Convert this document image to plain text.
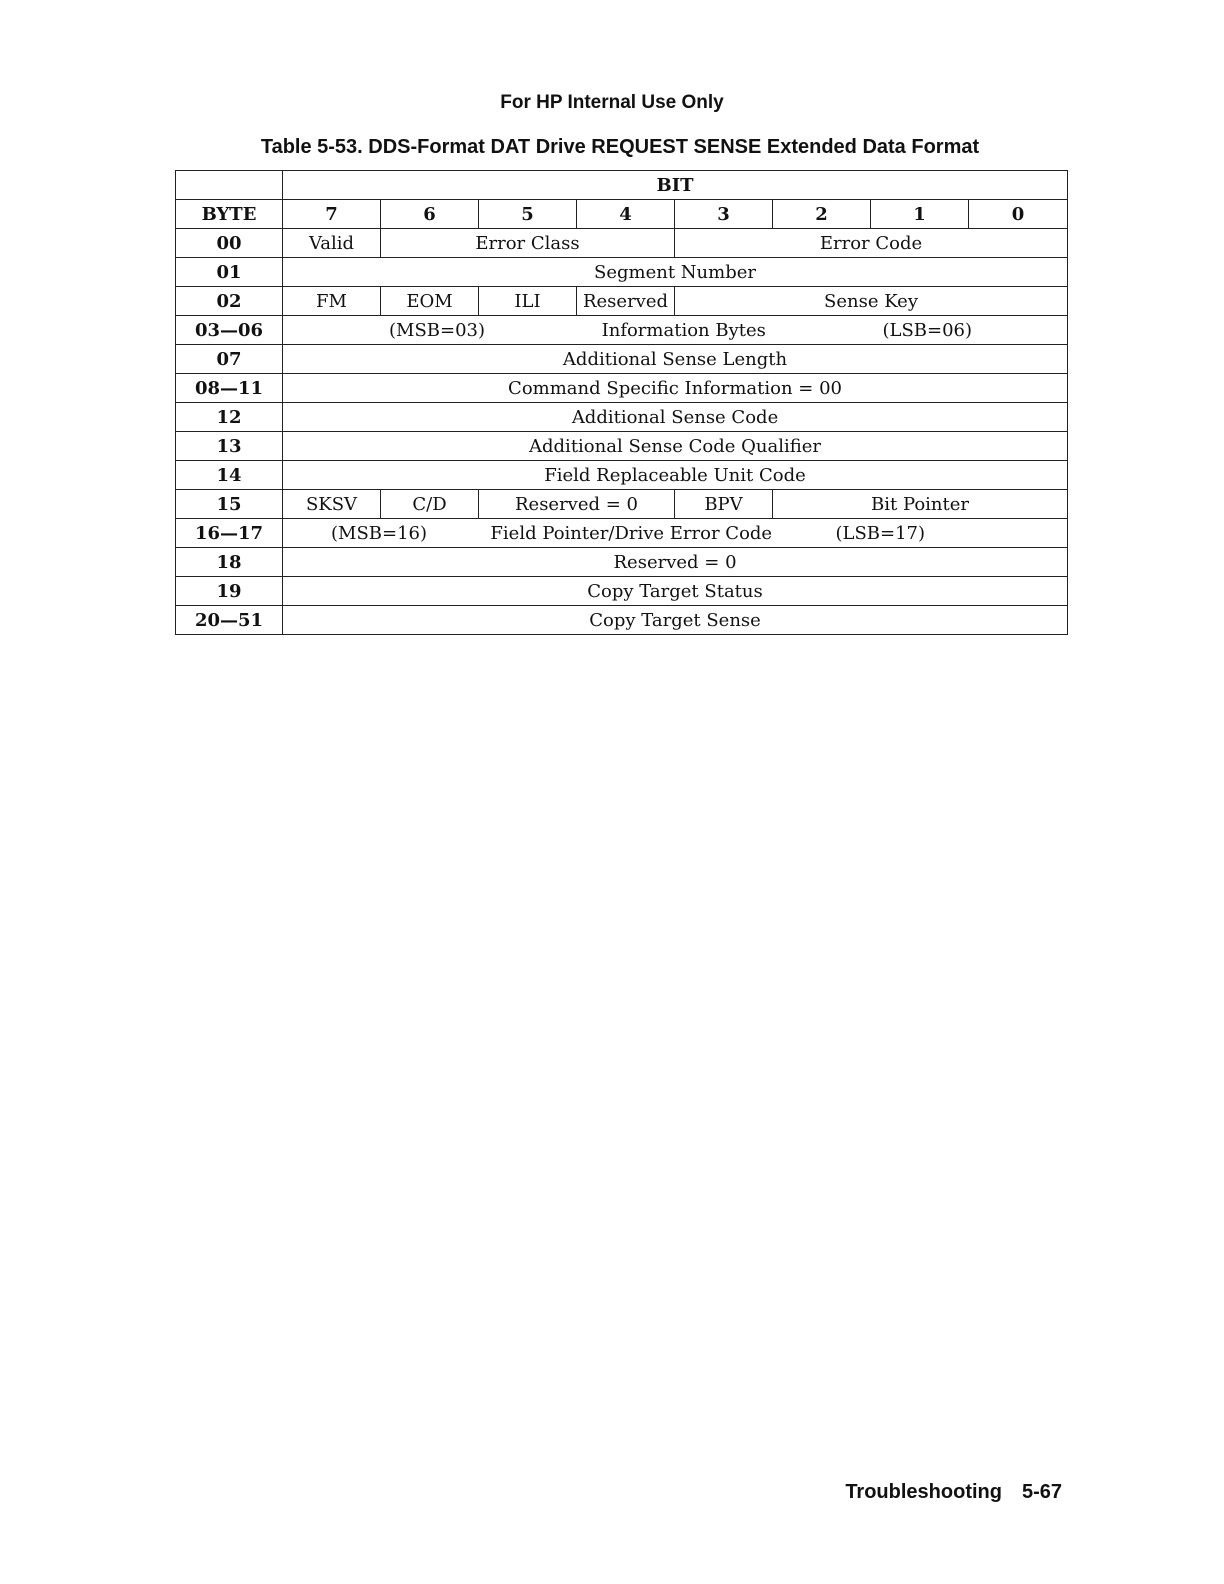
For HP Internal Use Only
Table 5-53. DDS-Format DAT Drive REQUEST SENSE Extended Data Format
	BIT							
BYTE	7	6	5	4	3	2	1	0
00	Valid	Error Class			Error Code			
01	Segment Number							
02	FM	EOM	ILI	Reserved	Sense Key			
03—06	(MSB=03) Information Bytes (LSB=06)							

07	Additional Sense Length							
08—11	Command Specific Information = 00							
12	Additional Sense Code							
13	Additional Sense Code Qualifier							
14	Field Replaceable Unit Code							
15	SKSV	C/D	Reserved = 0		BPV	Bit Pointer		
16—17	(MSB=16) Field Pointer/Drive Error Code (LSB=17)							

18	Reserved = 0							
19	Copy Target Status							
20—51	Copy Target Sense							
Troubleshooting 5-67
